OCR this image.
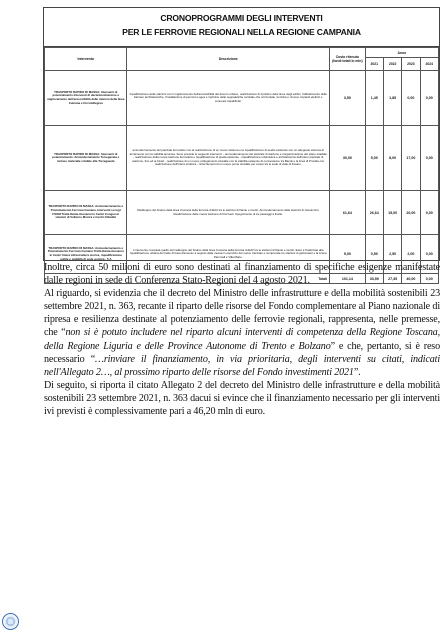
CRONOPROGRAMMI DEGLI INTERVENTI
PER LE FERROVIE REGIONALI NELLA REGIONE CAMPANIA
Intervento	Descrizione	Costo ritenuto (fondi totali in mln)	Anno			
			2021	2022	2023	2024
TRASPORTO RAPIDO DI MASSA: Interventi di potenziamento Interventi di decarbonizzazione e miglioramento dell'accessibilità delle stazioni della linea Cumana e Circumflegrea	riqualificazione delle stazioni con il miglioramento dell'accessibilità del decoro urbano, realizzazione di ripristino delle linee degli edifici, l'abbattimento delle barriere architettoniche, l'installazione di percorsi Loges e ripristino delle segnaletiche verticale che orizzontale, la idrica e rinnovo impianti elettrici e connessi riqualificati.	3,50	1,45	1,85	0,00	0,00
TRASPORTO RAPIDO DI MASSA: Interventi di potenziamento: Ammodernamento Torregaveta e incluso materiale rotabile alla Torregaveta	ammodernamento del piazzale ferroviario con la realizzazione di un nuovo sistema e la riqualificazione di quello esistente con un adeguato sistema di armamento con la viabilità annessa. Sono previste le seguenti interventi: - ammodernamento del piazzale di stazione e riorganizzazione del piano stradale - realizzazione della nuova stazione ferroviaria e riqualificazione di quella esistente - riqualificazione urbanistica e architettonica dell'intero piazzale di stazione, fino ed ai binari - realizzazione di un nuovo collegamento stradale con la viabilità esistente di connessione tra Bacoli e la linea di Procida con realizzazione dell'intera struttura - rinforzamenti di un nuovo ponte stradale per scopo tra le sede di viale di Fusaro.	30,00	5,00	8,00	17,00	0,00
TRASPORTO RAPIDO DI MASSA: Ammodernamento e Potenziamento Ferrovia Cumana. Interventi su tegt FSOM Tratta Dante-Giovanni in Centri Congressi stazioni di Volturno Mostra e Centri Cittadini	Raddoppio del binario della linea Cumana della ferrovia di EAV tra le stazioni di Dante e Centri, Ammodernamento delle stazioni di Giovannini, Realizzazione delle nuova stazione di Pozzuoli. Spegnimento di tre passaggi a livello.	61,64	26,64	15,00	20,00	0,00
TRASPORTO RAPIDO DI MASSA: Ammodernamento e Potenziamento Ferrovia Cumana Tratta Dante-Giovanni in Centri Intera infrastruttura storica, riqualificazione sottile e stabilità di sede gomma - 5 A	L'intervento completa quello del raddoppio del binario della linea Cumana della ferrovia di EAV tra le stazioni di Dante e Centri. Esso è finalizzato alla riqualificazione urbana del tratto di linea dismesso a seguito della messa in esercizio del nuovo tracciato e comprende tre stazioni di gettonatori e la Arena Parcmall e Villa Marie.	5,00	0,50	2,50	2,00	0,00
Totali		101,14	33,59	27,35	40,00	0,00

Inoltre, circa 50 milioni di euro sono destinati al finanziamento di specifiche esigenze manifestate dalle regioni in sede di Conferenza Stato-Regioni del 4 agosto 2021.

Al riguardo, si evidenzia che il decreto del Ministro delle infrastrutture e della mobilità sostenibili 23 settembre 2021, n. 363, recante il riparto delle risorse del Fondo complementare al Piano nazionale di ripresa e resilienza destinate al potenziamento delle ferrovie regionali, rappresenta, nelle premesse, che “non si è potuto includere nel riparto alcuni interventi di competenza della Regione Toscana, della Regione Liguria e delle Province Autonome di Trento e Bolzano” e che, pertanto, si è reso necessario “…rinviare il finanziamento, in via prioritaria, degli interventi su citati, indicati nell'Allegato 2…, al prossimo riparto delle risorse del Fondo investimenti 2021”.

Di seguito, si riporta il citato Allegato 2 del decreto del Ministro delle infrastrutture e della mobilità sostenibili 23 settembre 2021, n. 363 dacui si evince che il finanziamento necessario per gli interventi ivi previsti è complessivamente pari a 46,20 mln di euro.
